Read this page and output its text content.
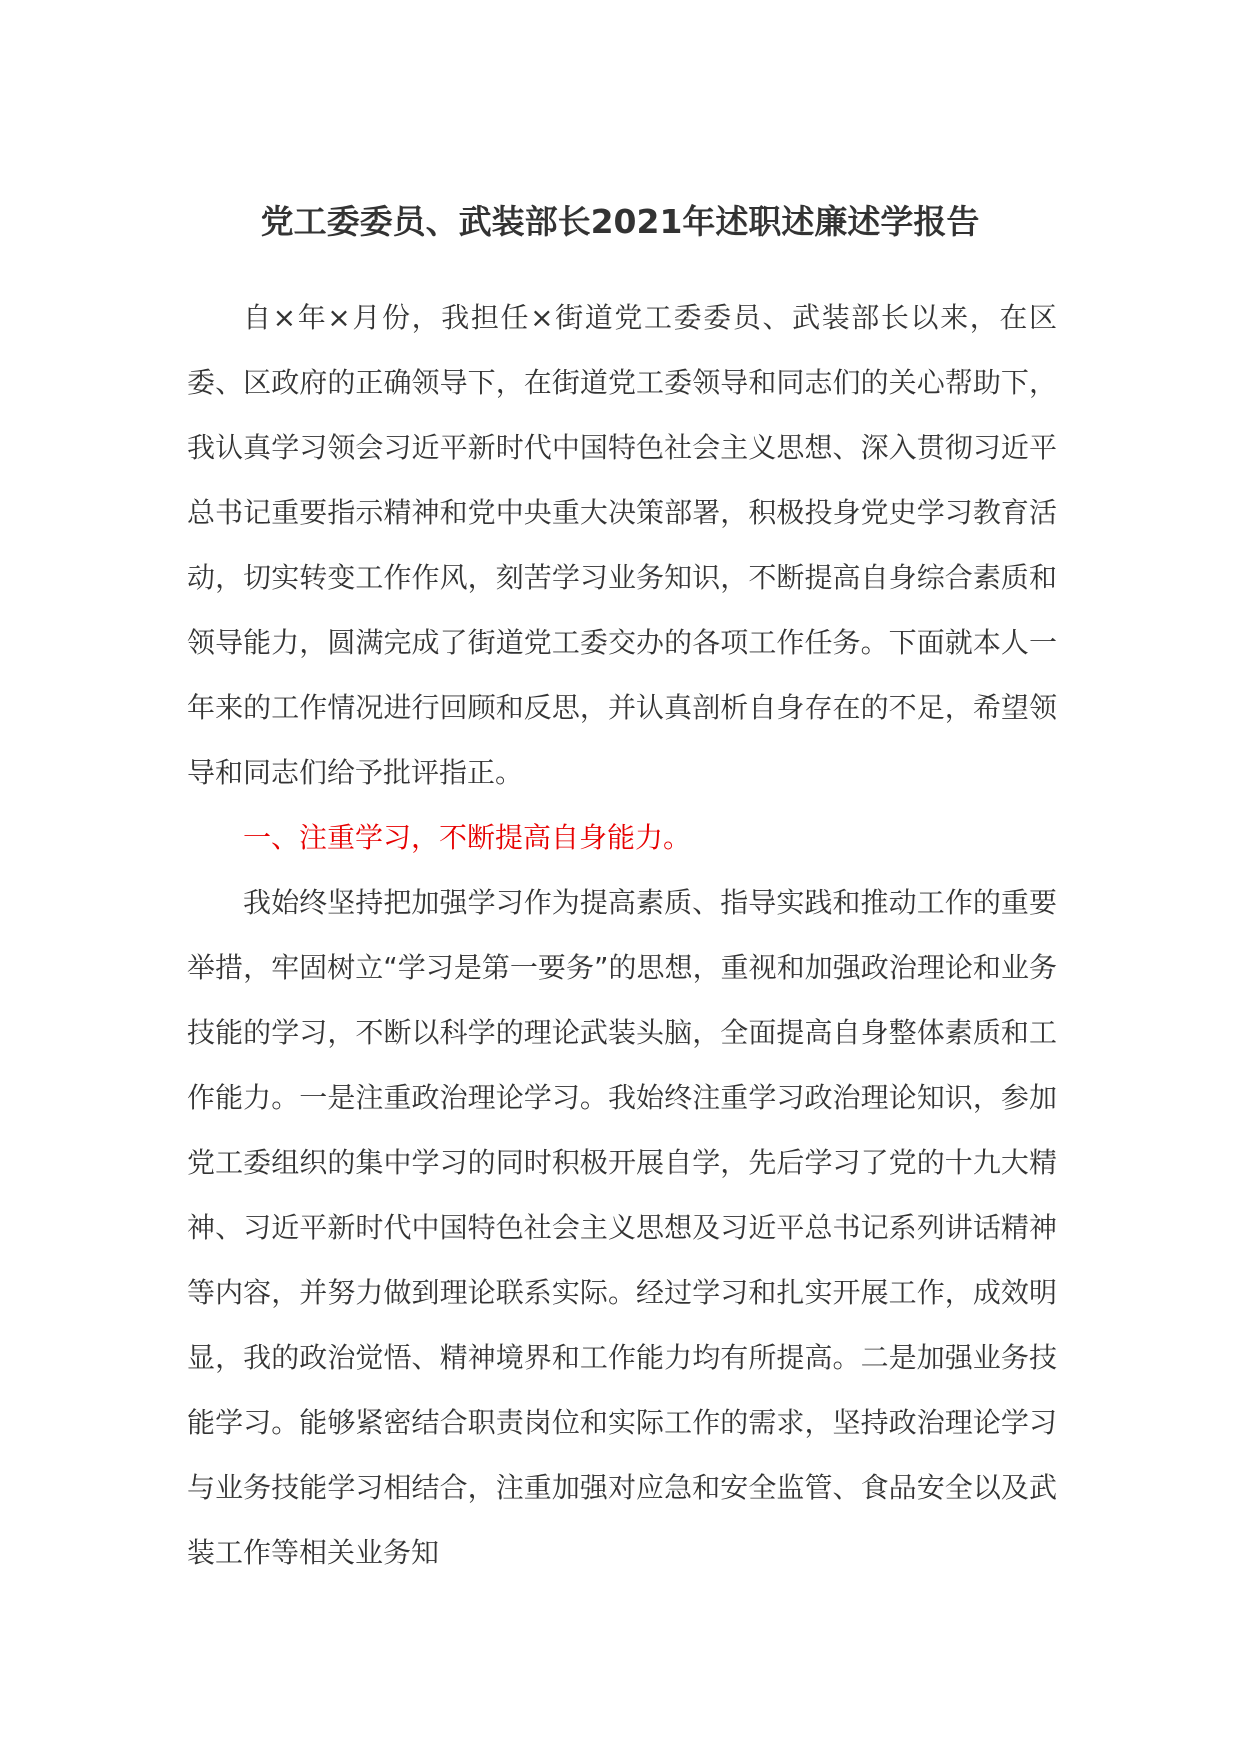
党工委委员、武装部长2021年述职述廉述学报告

自×年×月份，我担任×街道党工委委员、武装部长以来，在区委、区政府的正确领导下，在街道党工委领导和同志们的关心帮助下，我认真学习领会习近平新时代中国特色社会主义思想、深入贯彻习近平总书记重要指示精神和党中央重大决策部署，积极投身党史学习教育活动，切实转变工作作风，刻苦学习业务知识，不断提高自身综合素质和领导能力，圆满完成了街道党工委交办的各项工作任务。下面就本人一年来的工作情况进行回顾和反思，并认真剖析自身存在的不足，希望领导和同志们给予批评指正。

一、注重学习，不断提高自身能力。

我始终坚持把加强学习作为提高素质、指导实践和推动工作的重要举措，牢固树立“学习是第一要务”的思想，重视和加强政治理论和业务技能的学习，不断以科学的理论武装头脑，全面提高自身整体素质和工作能力。一是注重政治理论学习。我始终注重学习政治理论知识，参加党工委组织的集中学习的同时积极开展自学，先后学习了党的十九大精神、习近平新时代中国特色社会主义思想及习近平总书记系列讲话精神等内容，并努力做到理论联系实际。经过学习和扎实开展工作，成效明显，我的政治觉悟、精神境界和工作能力均有所提高。二是加强业务技能学习。能够紧密结合职责岗位和实际工作的需求，坚持政治理论学习与业务技能学习相结合，注重加强对应急和安全监管、食品安全以及武装工作等相关业务知
